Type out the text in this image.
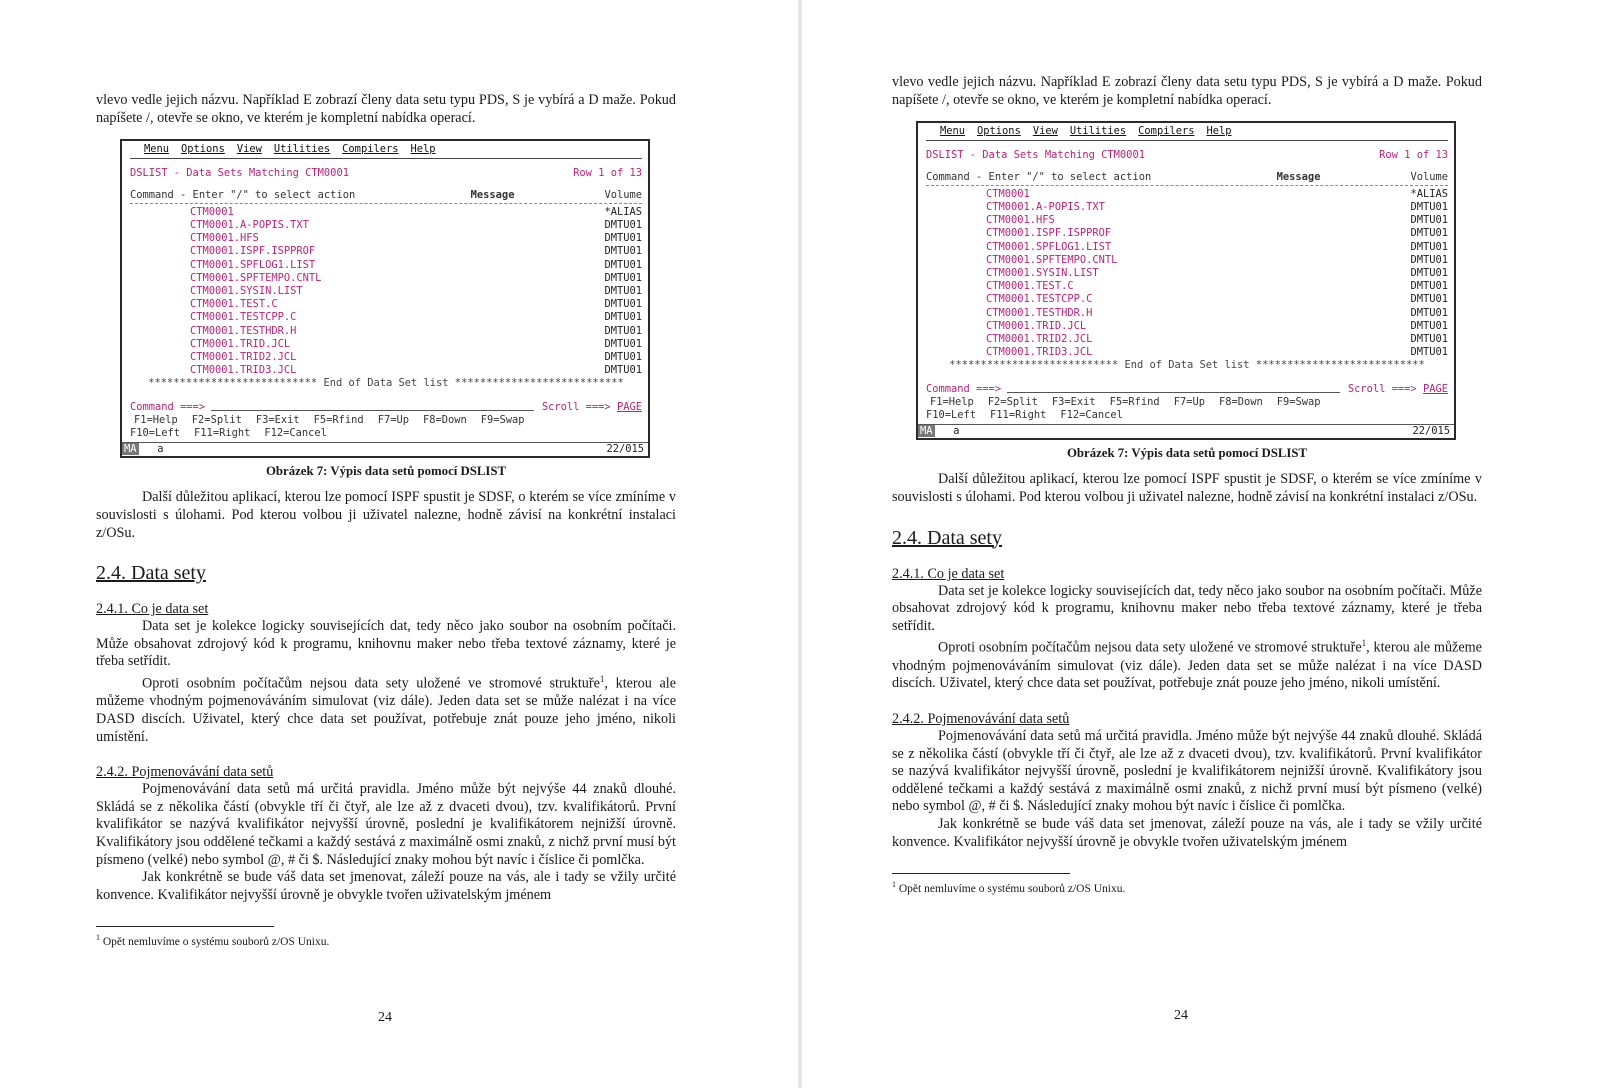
vlevo vedle jejich názvu. Například E zobrazí členy data setu typu PDS, S je vybírá a D maže. Pokud napíšete /, otevře se okno, ve kterém je kompletní nabídka operací.

Menu Options View Utilities Compilers Help
DSLIST - Data Sets Matching CTM0001	Row 1 of 13
Command - Enter "/" to select action	Message	Volume
CTM0001	*ALIAS
CTM0001.A-POPIS.TXT	DMTU01
CTM0001.HFS	DMTU01
CTM0001.ISPF.ISPPROF	DMTU01
CTM0001.SPFLOG1.LIST	DMTU01
CTM0001.SPFTEMPO.CNTL	DMTU01
CTM0001.SYSIN.LIST	DMTU01
CTM0001.TEST.C	DMTU01
CTM0001.TESTCPP.C	DMTU01
CTM0001.TESTHDR.H	DMTU01
CTM0001.TRID.JCL	DMTU01
CTM0001.TRID2.JCL	DMTU01
CTM0001.TRID3.JCL	DMTU01
*************************** End of Data Set list ***************************
Command ===>	Scroll ===> PAGE
F1=Help F2=Split F3=Exit F5=Rfind F7=Up F8=Down F9=Swap
F10=Left F11=Right F12=Cancel
MA a	22/015
Obrázek 7: Výpis data setů pomocí DSLIST

Další důležitou aplikací, kterou lze pomocí ISPF spustit je SDSF, o kterém se více zmíníme v souvislosti s úlohami. Pod kterou volbou ji uživatel nalezne, hodně závisí na konkrétní instalaci z/OSu.

2.4. Data sety
2.4.1. Co je data set

Data set je kolekce logicky souvisejících dat, tedy něco jako soubor na osobním počítači. Může obsahovat zdrojový kód k programu, knihovnu maker nebo třeba textové záznamy, které je třeba setřídit.

Oproti osobním počítačům nejsou data sety uložené ve stromové struktuře$^1$, kterou ale můžeme vhodným pojmenováváním simulovat (viz dále). Jeden data set se může nalézat i na více DASD discích. Uživatel, který chce data set používat, potřebuje znát pouze jeho jméno, nikoli umístění.

2.4.2. Pojmenovávání data setů

Pojmenovávání data setů má určitá pravidla. Jméno může být nejvýše 44 znaků dlouhé. Skládá se z několika částí (obvykle tří či čtyř, ale lze až z dvaceti dvou), tzv. kvalifikátorů. První kvalifikátor se nazývá kvalifikátor nejvyšší úrovně, poslední je kvalifikátorem nejnižší úrovně. Kvalifikátory jsou oddělené tečkami a každý sestává z maximálně osmi znaků, z nichž první musí být písmeno (velké) nebo symbol @, # či $. Následující znaky mohou být navíc i číslice či pomlčka.

Jak konkrétně se bude váš data set jmenovat, záleží pouze na vás, ale i tady se vžily určité konvence. Kvalifikátor nejvyšší úrovně je obvykle tvořen uživatelským jménem

$^1$ Opět nemluvíme o systému souborů z/OS Unixu.
24

vlevo vedle jejich názvu. Například E zobrazí členy data setu typu PDS, S je vybírá a D maže. Pokud napíšete /, otevře se okno, ve kterém je kompletní nabídka operací.

Menu Options View Utilities Compilers Help
DSLIST - Data Sets Matching CTM0001	Row 1 of 13
Command - Enter "/" to select action	Message	Volume
CTM0001	*ALIAS
CTM0001.A-POPIS.TXT	DMTU01
CTM0001.HFS	DMTU01
CTM0001.ISPF.ISPPROF	DMTU01
CTM0001.SPFLOG1.LIST	DMTU01
CTM0001.SPFTEMPO.CNTL	DMTU01
CTM0001.SYSIN.LIST	DMTU01
CTM0001.TEST.C	DMTU01
CTM0001.TESTCPP.C	DMTU01
CTM0001.TESTHDR.H	DMTU01
CTM0001.TRID.JCL	DMTU01
CTM0001.TRID2.JCL	DMTU01
CTM0001.TRID3.JCL	DMTU01
*************************** End of Data Set list ***************************
Command ===>	Scroll ===> PAGE
F1=Help F2=Split F3=Exit F5=Rfind F7=Up F8=Down F9=Swap
F10=Left F11=Right F12=Cancel
MA a	22/015
Obrázek 7: Výpis data setů pomocí DSLIST

Další důležitou aplikací, kterou lze pomocí ISPF spustit je SDSF, o kterém se více zmíníme v souvislosti s úlohami. Pod kterou volbou ji uživatel nalezne, hodně závisí na konkrétní instalaci z/OSu.

2.4. Data sety
2.4.1. Co je data set

Data set je kolekce logicky souvisejících dat, tedy něco jako soubor na osobním počítači. Může obsahovat zdrojový kód k programu, knihovnu maker nebo třeba textové záznamy, které je třeba setřídit.

Oproti osobním počítačům nejsou data sety uložené ve stromové struktuře$^1$, kterou ale můžeme vhodným pojmenováváním simulovat (viz dále). Jeden data set se může nalézat i na více DASD discích. Uživatel, který chce data set používat, potřebuje znát pouze jeho jméno, nikoli umístění.

2.4.2. Pojmenovávání data setů

Pojmenovávání data setů má určitá pravidla. Jméno může být nejvýše 44 znaků dlouhé. Skládá se z několika částí (obvykle tří či čtyř, ale lze až z dvaceti dvou), tzv. kvalifikátorů. První kvalifikátor se nazývá kvalifikátor nejvyšší úrovně, poslední je kvalifikátorem nejnižší úrovně. Kvalifikátory jsou oddělené tečkami a každý sestává z maximálně osmi znaků, z nichž první musí být písmeno (velké) nebo symbol @, # či $. Následující znaky mohou být navíc i číslice či pomlčka.

Jak konkrétně se bude váš data set jmenovat, záleží pouze na vás, ale i tady se vžily určité konvence. Kvalifikátor nejvyšší úrovně je obvykle tvořen uživatelským jménem

$^1$ Opět nemluvíme o systému souborů z/OS Unixu.
24
